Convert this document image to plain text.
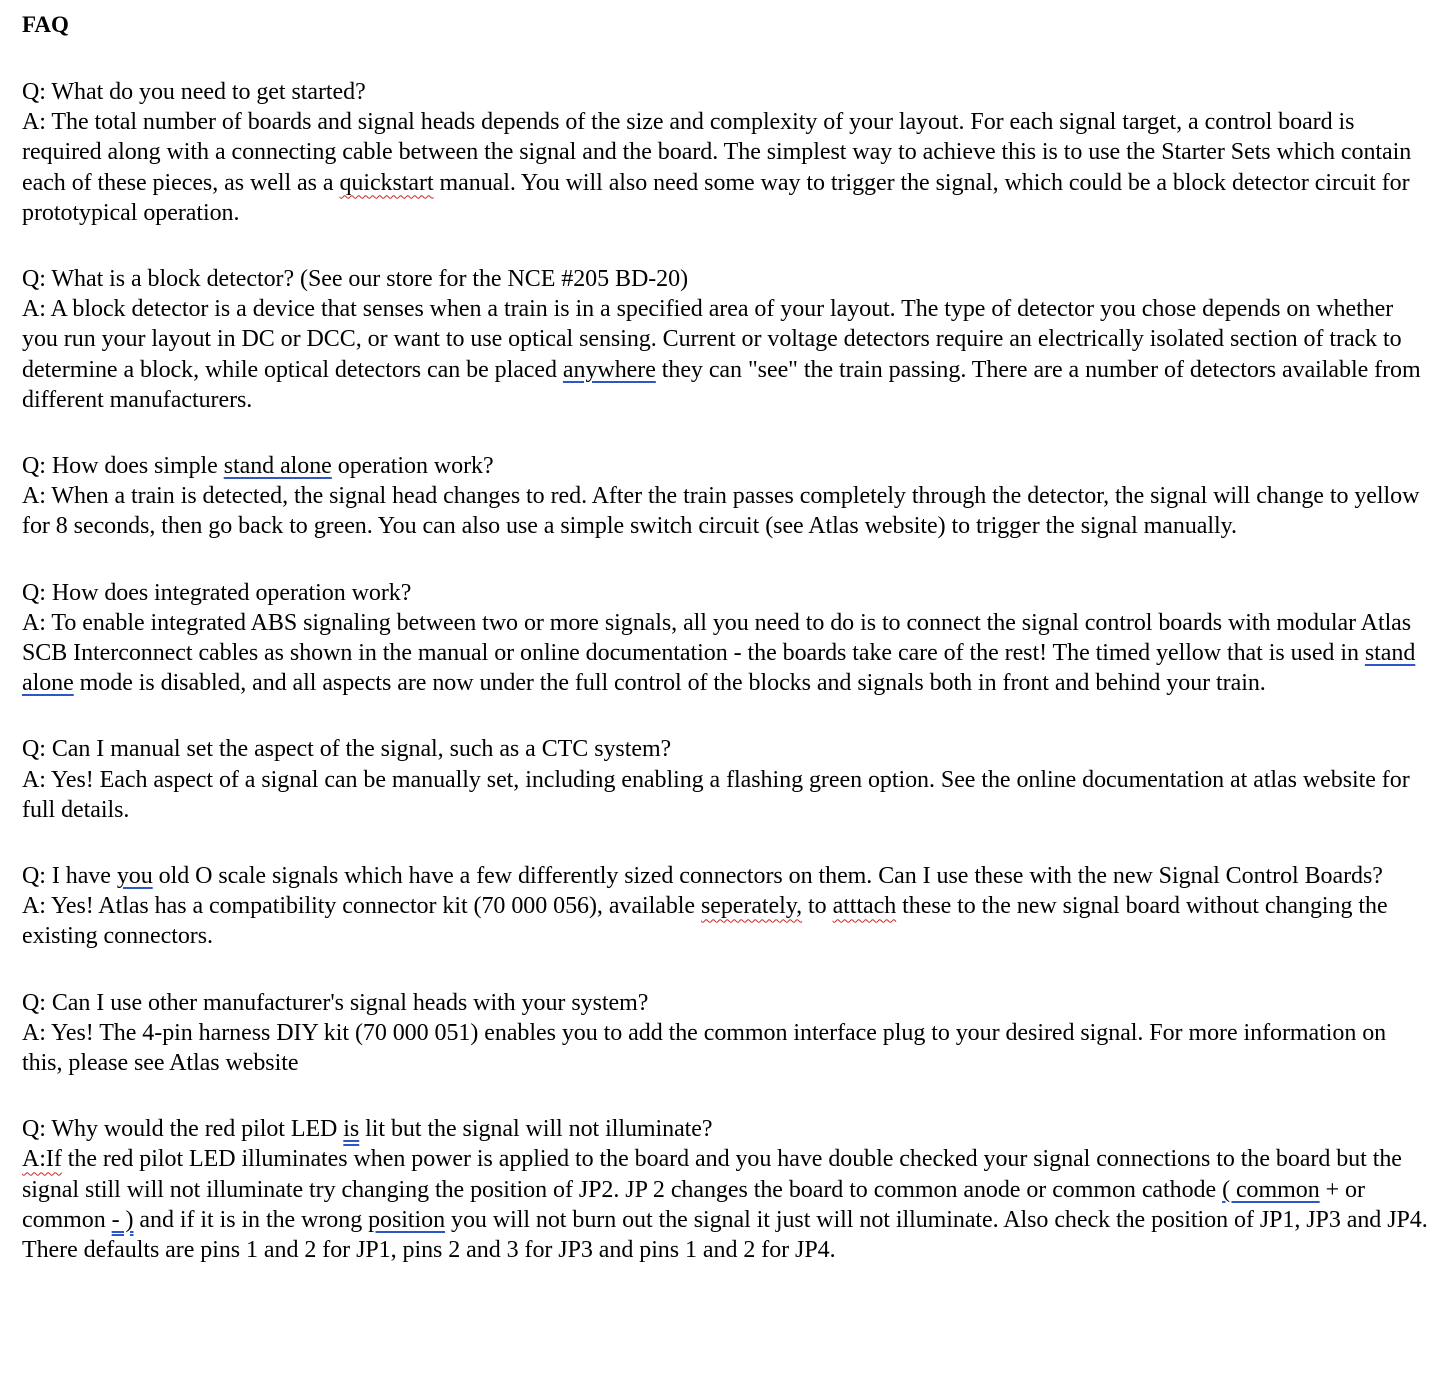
FAQ

Q: What do you need to get started?

A: The total number of boards and signal heads depends of the size and complexity of your layout. For each signal target, a control board is required along with a connecting cable between the signal and the board. The simplest way to achieve this is to use the Starter Sets which contain each of these pieces, as well as a quickstart manual. You will also need some way to trigger the signal, which could be a block detector circuit for prototypical operation.

Q: What is a block detector? (See our store for the NCE #205 BD-20)

A: A block detector is a device that senses when a train is in a specified area of your layout. The type of detector you chose depends on whether you run your layout in DC or DCC, or want to use optical sensing. Current or voltage detectors require an electrically isolated section of track to determine a block, while optical detectors can be placed anywhere they can "see" the train passing. There are a number of detectors available from different manufacturers.

Q: How does simple stand alone operation work?

A: When a train is detected, the signal head changes to red. After the train passes completely through the detector, the signal will change to yellow for 8 seconds, then go back to green. You can also use a simple switch circuit (see Atlas website) to trigger the signal manually.

Q: How does integrated operation work?

A: To enable integrated ABS signaling between two or more signals, all you need to do is to connect the signal control boards with modular Atlas SCB Interconnect cables as shown in the manual or online documentation - the boards take care of the rest! The timed yellow that is used in stand alone mode is disabled, and all aspects are now under the full control of the blocks and signals both in front and behind your train.

Q: Can I manual set the aspect of the signal, such as a CTC system?

A: Yes! Each aspect of a signal can be manually set, including enabling a flashing green option. See the online documentation at atlas website for full details.

Q: I have you old O scale signals which have a few differently sized connectors on them. Can I use these with the new Signal Control Boards?

A: Yes! Atlas has a compatibility connector kit (70 000 056), available seperately, to atttach these to the new signal board without changing the existing connectors.

Q: Can I use other manufacturer's signal heads with your system?

A: Yes! The 4-pin harness DIY kit (70 000 051) enables you to add the common interface plug to your desired signal. For more information on this, please see Atlas website

Q: Why would the red pilot LED is lit but the signal will not illuminate?

A:If the red pilot LED illuminates when power is applied to the board and you have double checked your signal connections to the board but the signal still will not illuminate try changing the position of JP2. JP 2 changes the board to common anode or common cathode ( common + or common - ) and if it is in the wrong position you will not burn out the signal it just will not illuminate. Also check the position of JP1, JP3 and JP4. There defaults are pins 1 and 2 for JP1, pins 2 and 3 for JP3 and pins 1 and 2 for JP4.
